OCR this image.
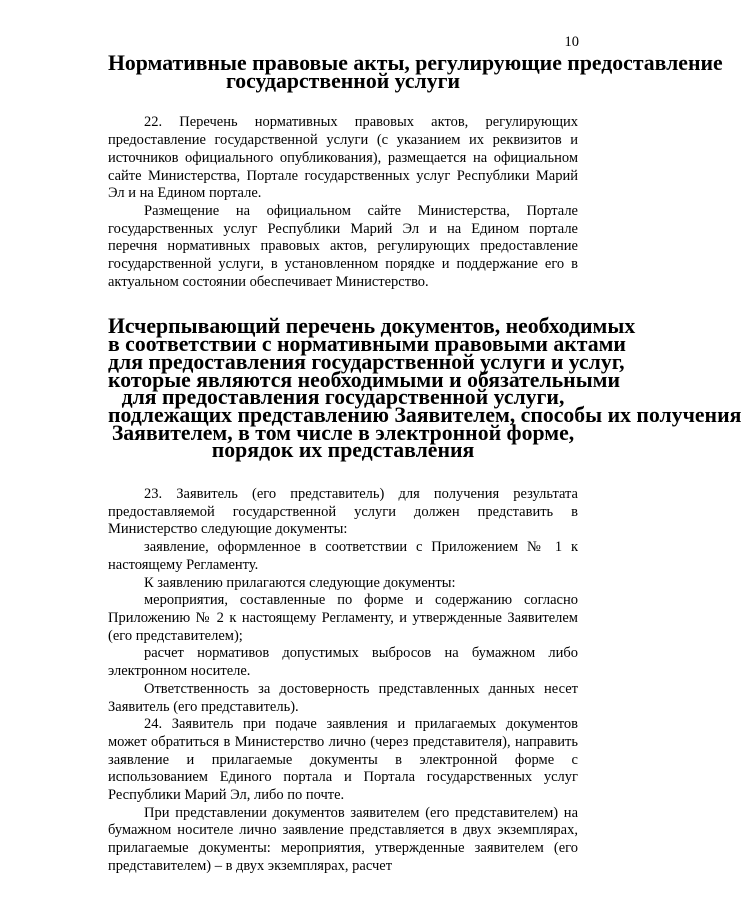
10
Нормативные правовые акты, регулирующие предоставление
государственной услуги

22. Перечень нормативных правовых актов, регулирующих предоставление государственной услуги (с указанием их реквизитов и источников официального опубликования), размещается на официальном сайте Министерства, Портале государственных услуг Республики Марий Эл и на Едином портале.

Размещение на официальном сайте Министерства, Портале государственных услуг Республики Марий Эл и на Едином портале перечня нормативных правовых актов, регулирующих предоставление государственной услуги, в установленном порядке и поддержание его в актуальном состоянии обеспечивает Министерство.

Исчерпывающий перечень документов, необходимых
в соответствии с нормативными правовыми актами
для предоставления государственной услуги и услуг,
которые являются необходимыми и обязательными
для предоставления государственной услуги,
подлежащих представлению Заявителем, способы их получения
Заявителем, в том числе в электронной форме,
порядок их представления

23. Заявитель (его представитель) для получения результата предоставляемой государственной услуги должен представить в Министерство следующие документы:

заявление, оформленное в соответствии с Приложением № 1 к настоящему Регламенту.

К заявлению прилагаются следующие документы:

мероприятия, составленные по форме и содержанию согласно Приложению № 2 к настоящему Регламенту, и утвержденные Заявителем (его представителем);

расчет нормативов допустимых выбросов на бумажном либо электронном носителе.

Ответственность за достоверность представленных данных несет Заявитель (его представитель).

24. Заявитель при подаче заявления и прилагаемых документов может обратиться в Министерство лично (через представителя), направить заявление и прилагаемые документы в электронной форме с использованием Единого портала и Портала государственных услуг Республики Марий Эл, либо по почте.

При представлении документов заявителем (его представителем) на бумажном носителе лично заявление представляется в двух экземплярах, прилагаемые документы: мероприятия, утвержденные заявителем (его представителем) – в двух экземплярах, расчет
